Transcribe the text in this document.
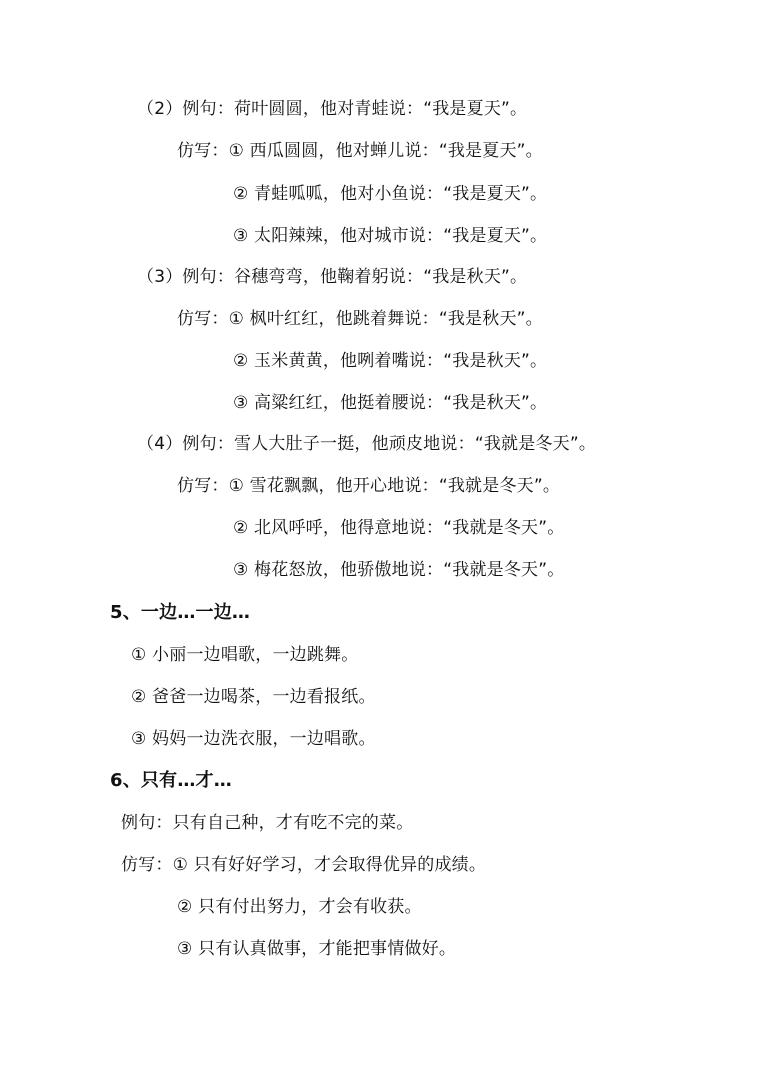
（2）例句：荷叶圆圆，他对青蛙说：“我是夏天”。
仿写：① 西瓜圆圆，他对蝉儿说：“我是夏天”。
② 青蛙呱呱，他对小鱼说：“我是夏天”。
③ 太阳辣辣，他对城市说：“我是夏天”。
（3）例句：谷穗弯弯，他鞠着躬说：“我是秋天”。
仿写：① 枫叶红红，他跳着舞说：“我是秋天”。
② 玉米黄黄，他咧着嘴说：“我是秋天”。
③ 高粱红红，他挺着腰说：“我是秋天”。
（4）例句：雪人大肚子一挺，他顽皮地说：“我就是冬天”。
仿写：① 雪花飘飘，他开心地说：“我就是冬天”。
② 北风呼呼，他得意地说：“我就是冬天”。
③ 梅花怒放，他骄傲地说：“我就是冬天”。
5、一边…一边…
① 小丽一边唱歌，一边跳舞。
② 爸爸一边喝茶，一边看报纸。
③ 妈妈一边洗衣服，一边唱歌。
6、只有…才…
例句：只有自己种，才有吃不完的菜。
仿写：① 只有好好学习，才会取得优异的成绩。
② 只有付出努力，才会有收获。
③ 只有认真做事，才能把事情做好。
